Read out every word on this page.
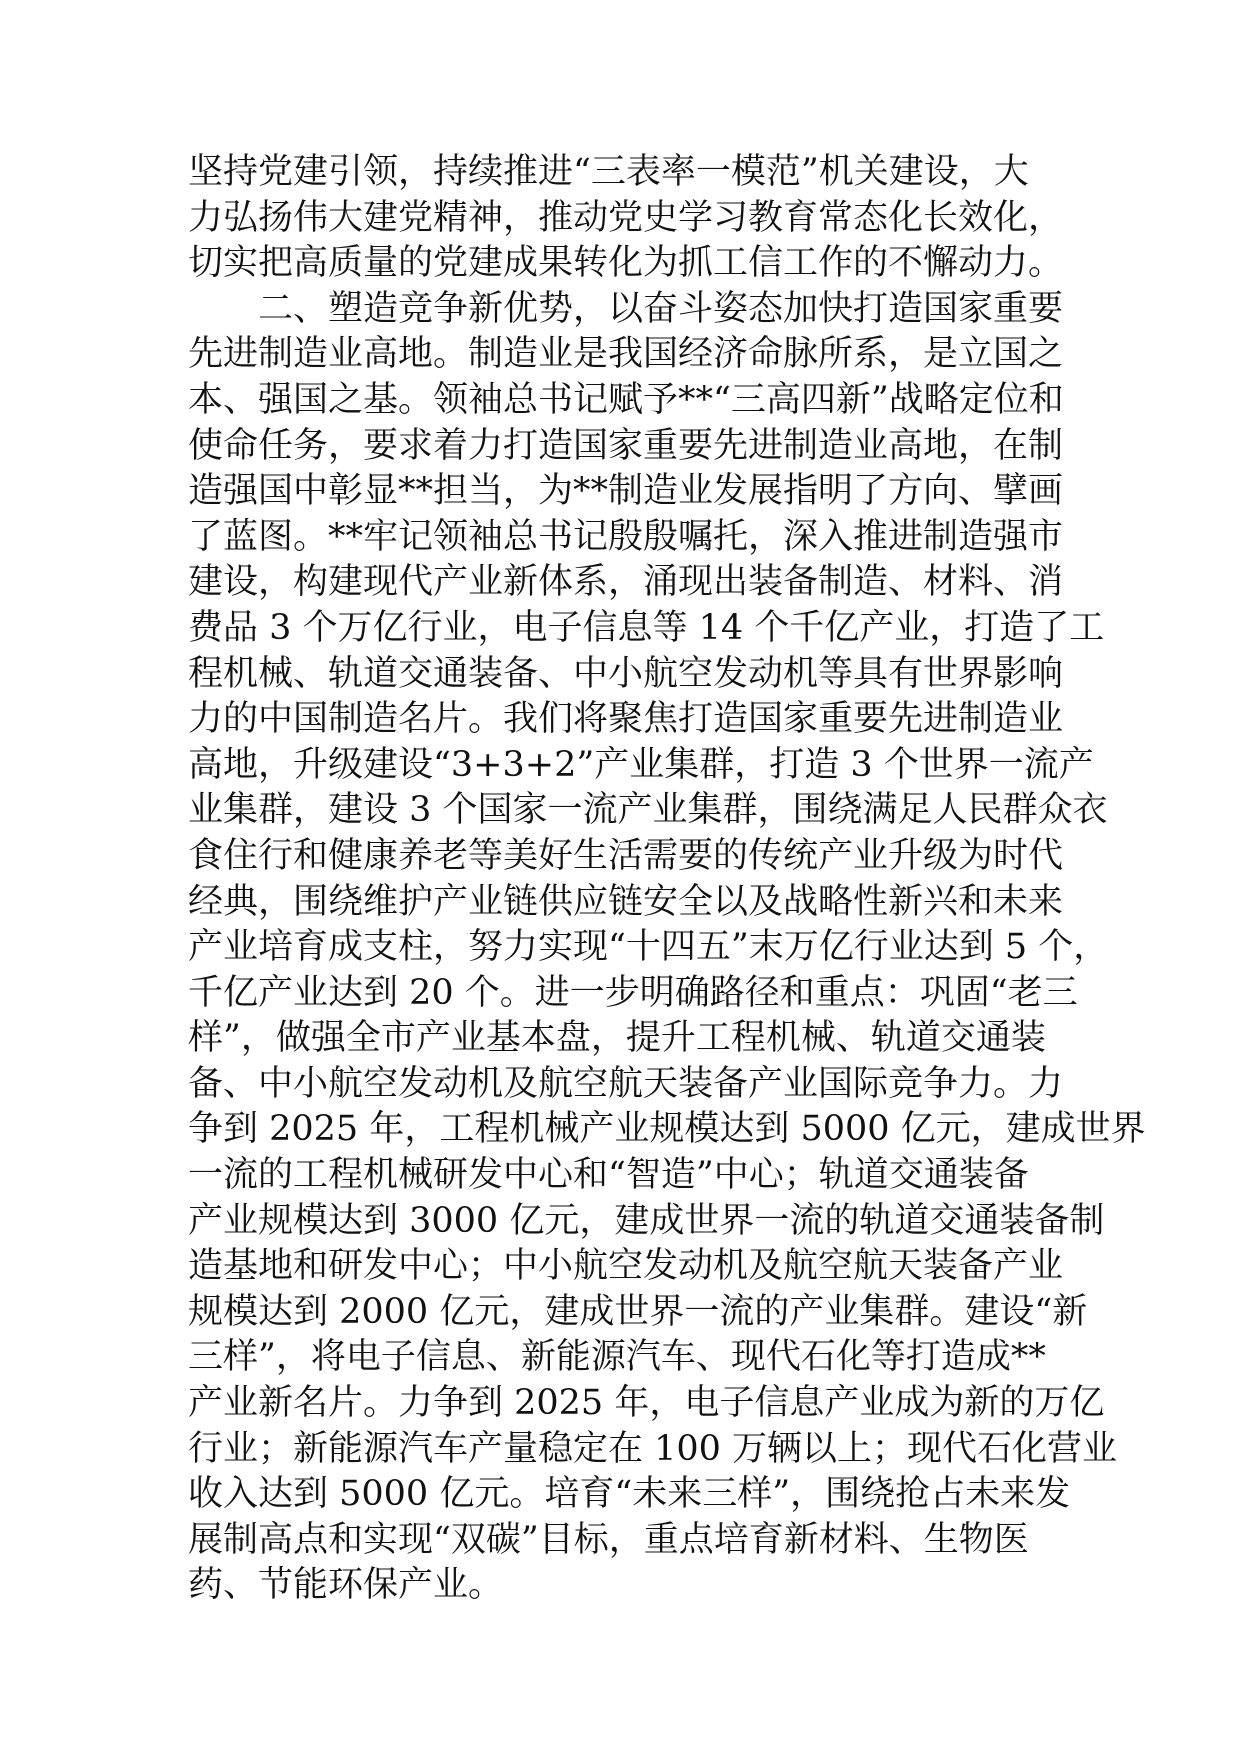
坚持党建引领，持续推进“三表率一模范”机关建设，大
力弘扬伟大建党精神，推动党史学习教育常态化长效化，
切实把高质量的党建成果转化为抓工信工作的不懈动力。
二、塑造竞争新优势，以奋斗姿态加快打造国家重要
先进制造业高地。制造业是我国经济命脉所系，是立国之
本、强国之基。领袖总书记赋予**“三高四新”战略定位和
使命任务，要求着力打造国家重要先进制造业高地，在制
造强国中彰显**担当，为**制造业发展指明了方向、擘画
了蓝图。**牢记领袖总书记殷殷嘱托，深入推进制造强市
建设，构建现代产业新体系，涌现出装备制造、材料、消
费品 3 个万亿行业，电子信息等 14 个千亿产业，打造了工
程机械、轨道交通装备、中小航空发动机等具有世界影响
力的中国制造名片。我们将聚焦打造国家重要先进制造业
高地，升级建设“3+3+2”产业集群，打造 3 个世界一流产
业集群，建设 3 个国家一流产业集群，围绕满足人民群众衣
食住行和健康养老等美好生活需要的传统产业升级为时代
经典，围绕维护产业链供应链安全以及战略性新兴和未来
产业培育成支柱，努力实现“十四五”末万亿行业达到 5 个，
千亿产业达到 20 个。进一步明确路径和重点：巩固“老三
样”，做强全市产业基本盘，提升工程机械、轨道交通装
备、中小航空发动机及航空航天装备产业国际竞争力。力
争到 2025 年，工程机械产业规模达到 5000 亿元，建成世界
一流的工程机械研发中心和“智造”中心；轨道交通装备
产业规模达到 3000 亿元，建成世界一流的轨道交通装备制
造基地和研发中心；中小航空发动机及航空航天装备产业
规模达到 2000 亿元，建成世界一流的产业集群。建设“新
三样”，将电子信息、新能源汽车、现代石化等打造成**
产业新名片。力争到 2025 年，电子信息产业成为新的万亿
行业；新能源汽车产量稳定在 100 万辆以上；现代石化营业
收入达到 5000 亿元。培育“未来三样”，围绕抢占未来发
展制高点和实现“双碳”目标，重点培育新材料、生物医
药、节能环保产业。
